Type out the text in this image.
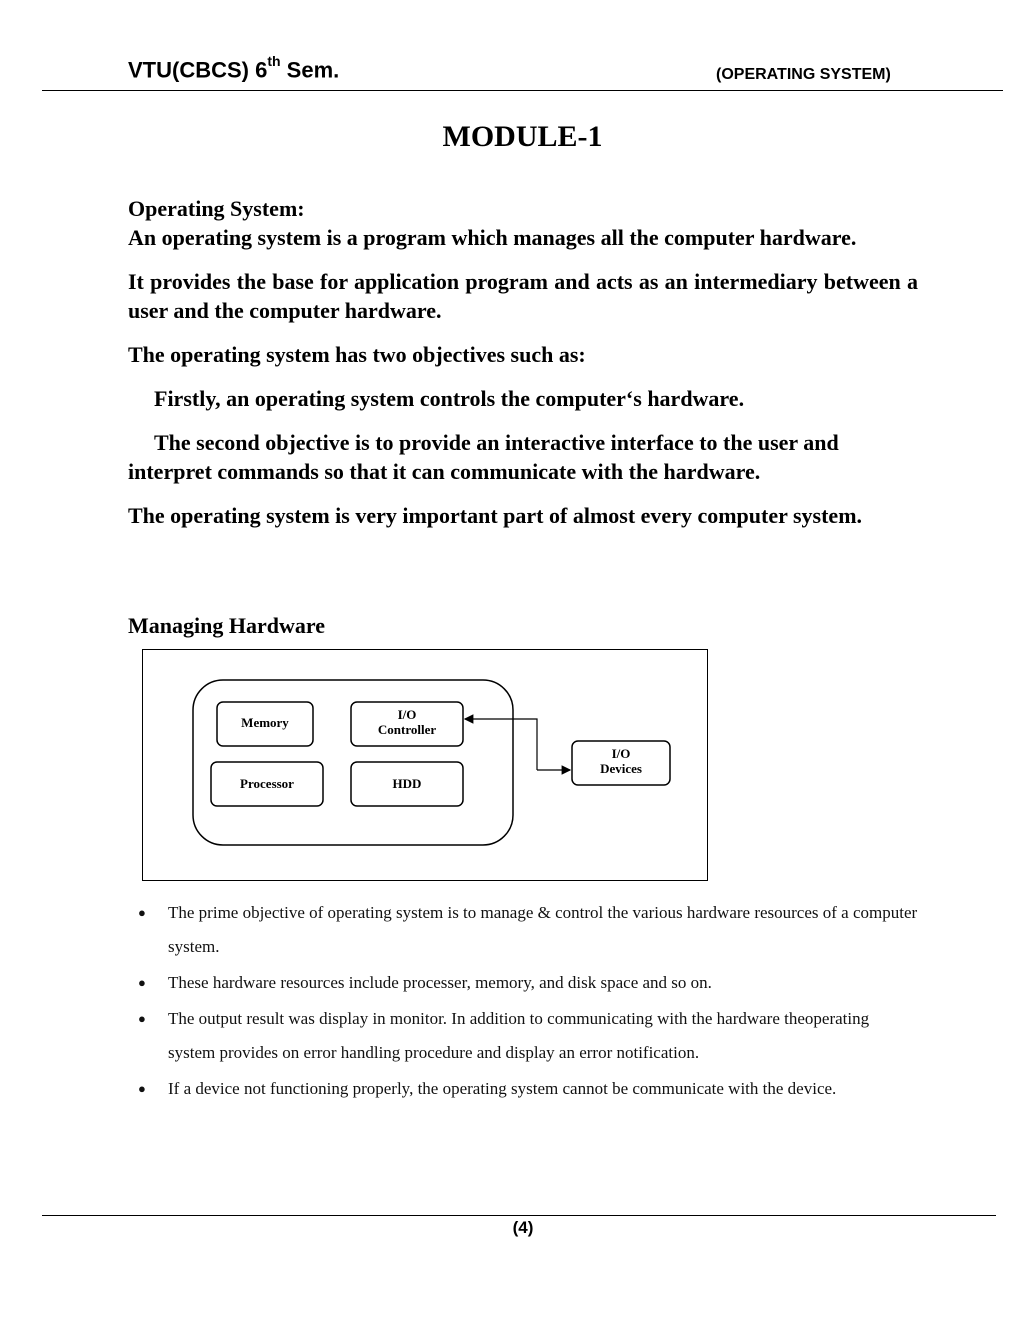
VTU(CBCS) 6th Sem.	(OPERATING SYSTEM)
MODULE-1

Operating System:

An operating system is a program which manages all the computer hardware.

It provides the base for application program and acts as an intermediary between a user and the computer hardware.

The operating system has two objectives such as:

Firstly, an operating system controls the computer‘s hardware.

The second objective is to provide an interactive interface to the user and interpret commands so that it can communicate with the hardware.

The operating system is very important part of almost every computer system.

Managing Hardware
Memory
I/O
Controller
Processor	HDD
I/O
Devices
● The prime objective of operating system is to manage & control the various hardware resources of a computer system.
● These hardware resources include processer, memory, and disk space and so on.
● The output result was display in monitor. In addition to communicating with the hardware theoperating system provides on error handling procedure and display an error notification.
● If a device not functioning properly, the operating system cannot be communicate with the device.
(4)
